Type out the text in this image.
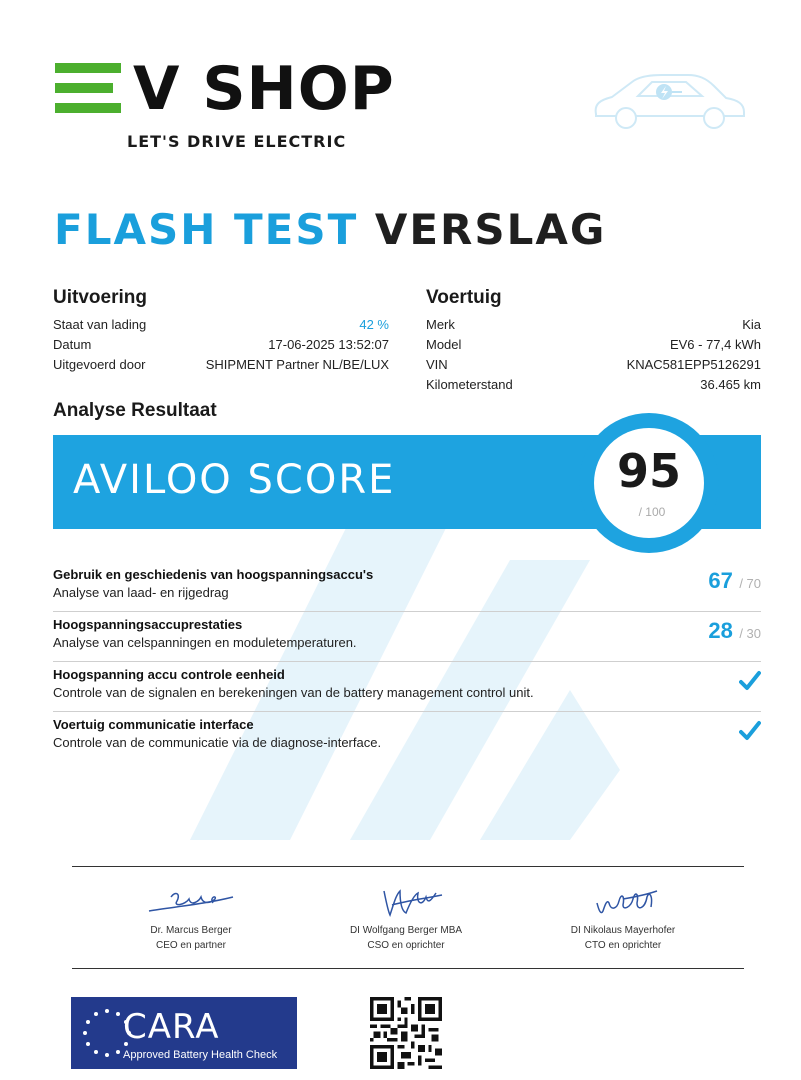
V SHOP
LET'S DRIVE ELECTRIC
FLASH TEST VERSLAG
Uitvoering
Staat van lading	42 %
Datum	17-06-2025 13:52:07
Uitgevoerd door	SHIPMENT Partner NL/BE/LUX
Voertuig
Merk	Kia
Model	EV6 - 77,4 kWh
VIN	KNAC581EPP5126291
Kilometerstand	36.465 km
Analyse Resultaat
AVILOO SCORE	95
/ 100
Gebruik en geschiedenis van hoogspanningsaccu's
Analyse van laad- en rijgedrag	67 / 70
Hoogspanningsaccuprestaties
Analyse van celspanningen en moduletemperaturen.	28 / 30
Hoogspanning accu controle eenheid
Controle van de signalen en berekeningen van de battery management control unit.
Voertuig communicatie interface
Controle van de communicatie via de diagnose-interface.
Dr. Marcus Berger
CEO en partner
DI Wolfgang Berger MBA
CSO en oprichter
DI Nikolaus Mayerhofer
CTO en oprichter
CARA
Approved Battery Health Check
